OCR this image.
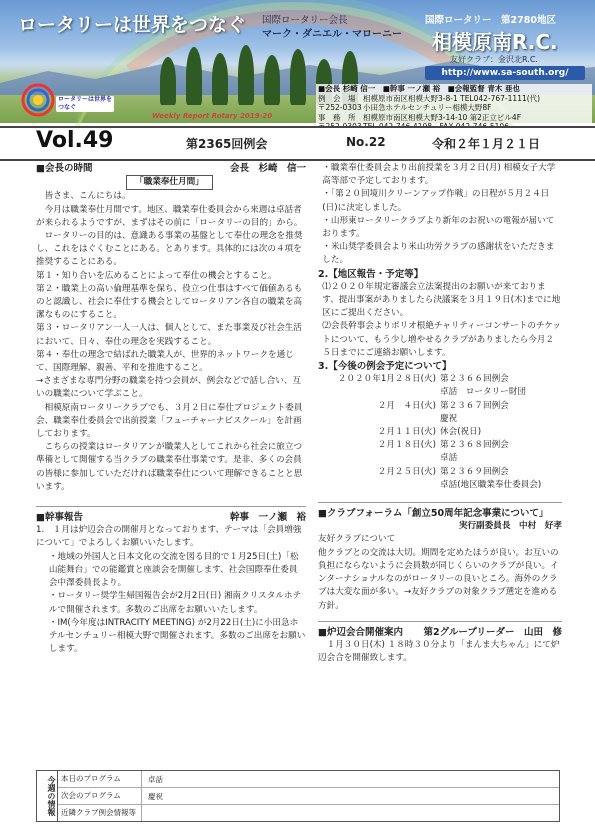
ロータリーは世界をつなぐ 国際ロータリー会長
マーク・ダニエル・マローニー
国際ロータリー　第2780地区
相模原南R.C.
友好クラブ：金沢北R.C.
http://www.sa-south.org/
ロータリーは世界をつなぐ
Weekly Report Rotary 2019-20
■会長 杉崎 信一　■幹事 一ノ瀬 裕　■会報監督 青木 亜也
例　会　場	相模原市南区相模大野3-8-1 TEL042-767-1111(代)
〒252-0303 小田急ホテルセンチュリー相模大野8F
事　務　所	相模原市南区相模大野3-14-10 第2正立ビル4F
Vol.49	第2365回例会	No.22	令和２年１月２１日
■会長の時間	会長　杉崎　信一
「職業奉仕月間」

皆さま、こんにちは。

今月は職業奉仕月間です。地区、職業奉仕委員会から来週は卓話者が来られるようですが、まずはその前に「ロータリーの目的」から。

ロータリーの目的は、意識ある事業の基盤として奉仕の理念を推奨し、これをはぐくむことにある。とあります。具体的には次の４項を推奨することにある。

第１・知り合いを広めることによって奉仕の機会とすること。

第２・職業上の高い倫理基準を保ち、役立つ仕事はすべて価値あるものと認識し、社会に奉仕する機会としてロータリアン各自の職業を高潔なものにすること。

第３・ロータリアン一人一人は、個人として、また事業及び社会生活において、日々、奉仕の理念を実践すること。

第４・奉仕の理念で結ばれた職業人が、世界的ネットワークを通じて、国際理解、親善、平和を推進すること。

→さまざまな専門分野の職業を持つ会員が、例会などで話し合い、互いの職業について学ぶこと。

相模原南ロータリークラブでも、３月２日に奉仕プロジェクト委員会、職業奉仕委員会で出前授業「フューチャーナビスクール」を計画しております。

こちらの授業はロータリアンが職業人としてこれから社会に旅立つ準備として開催する当クラブの職業奉仕事業です。是非、多くの会員の皆様に参加していただければ職業奉仕について理解できることと思います。

■幹事報告	幹事　一ノ瀬　裕

1.　１月は炉辺会合の開催月となっております、テーマは「会員増強について」でよろしくお願いいたします。

・地域の外国人と日本文化の交流を図る目的で１月25日(土)「松山能舞台」での能鑑賞と座談会を開催します、社会国際奉仕委員会中澤委員長より。

・ロータリー奨学生帰国報告会が2月2日(日) 湘南クリスタルホテルで開催されます。多数のご出席をお願いいたします。

・IM(今年度はINTRACITY MEETING) が2月22日(土)に小田急ホテルセンチュリー相模大野で開催されます。多数のご出席をお願いします。

・職業奉仕委員会より出前授業を３月２日(月) 相模女子大学高等部で予定しております。

・「第２０回境川クリーンアップ作戦」の日程が５月２４日(日)に決定しました。

・山形東ロータリークラブより新年のお祝いの電報が届いております。

・米山奨学委員会より米山功労クラブの感謝状をいただきました。

2.【地区報告・予定等】

⑴２０２０年規定審議会立法案提出のお願いが来ております、提出事案がありましたら決議案を３月１９日(木)までに地区にご提出ください。

⑵会長幹事会よりポリオ根絶チャリティーコンサートのチケットについて、もう少し増やせるクラブがありましたら今月２５日までにご連絡お願いします。

3.【今後の例会予定について】

２０２０年1月２８日(火) 第２３６６回例会
卓話　ロータリー財団
２月　４日(火) 第２３６７回例会
慶祝
２月１１日(火) 休会(祝日)
２月１８日(火) 第２３６８回例会
卓話
２月２５日(火) 第２３６９回例会
卓話(地区職業奉仕委員会)

■クラブフォーラム「創立50周年記念事業について」

実行副委員長　中村　好孝

友好クラブについて

他クラブとの交流は大切。期間を定めたほうが良い。お互いの負担にならないように会員数が同じくらいのクラブが良い。インターナショナルなのがロータリーの良いところ。海外のクラブは大変な面が多い。→友好クラブの対象クラブ選定を進める方針。

■炉辺会合開催案内 第2グループリーダー　山田　修

１月３０日(木) １８時３０分より「まんま大ちゃん」にて炉辺会合を開催致します。

今週の情報 本日のプログラム	卓話
次会のプログラム	慶祝
近隣クラブ例会情報等
